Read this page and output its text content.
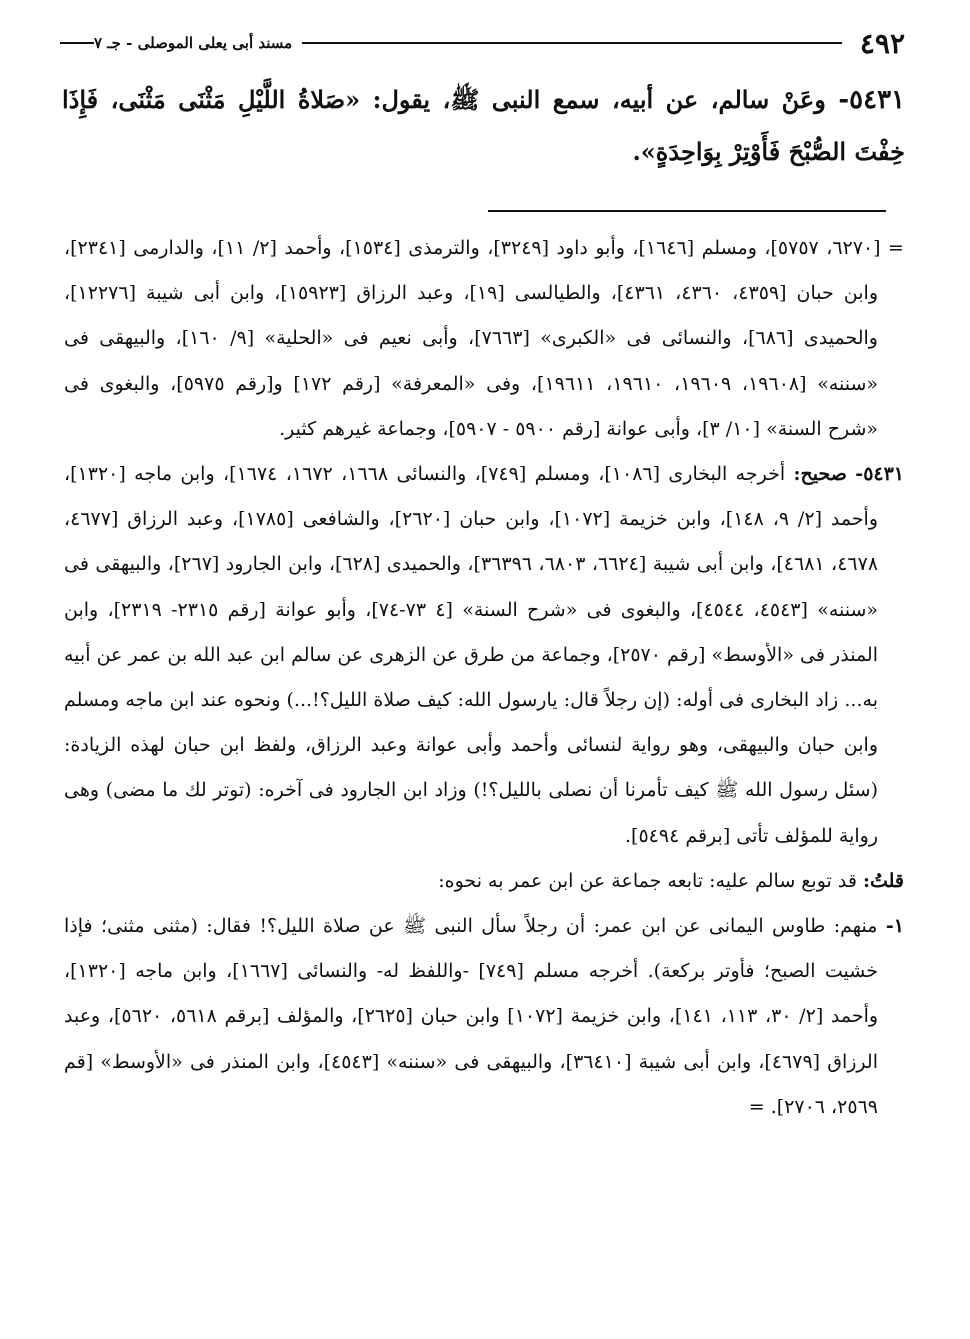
٤٩٢
مسند أبى يعلى الموصلى - جـ ٧
٥٤٣١- وعَنْ سالم، عن أبيه، سمع النبى ﷺ، يقول: «صَلاةُ اللَّيْلِ مَثْنَى مَثْنَى، فَإِذَا خِفْتَ الصُّبْحَ فَأَوْتِرْ بِوَاحِدَةٍ».

= [٦٢٧٠، ٥٧٥٧]، ومسلم [١٦٤٦]، وأبو داود [٣٢٤٩]، والترمذى [١٥٣٤]، وأحمد [٢/ ١١]، والدارمى [٢٣٤١]، وابن حبان [٤٣٥٩، ٤٣٦٠، ٤٣٦١]، والطيالسى [١٩]، وعبد الرزاق [١٥٩٢٣]، وابن أبى شيبة [١٢٢٧٦]، والحميدى [٦٨٦]، والنسائى فى «الكبرى» [٧٦٦٣]، وأبى نعيم فى «الحلية» [٩/ ١٦٠]، والبيهقى فى «سننه» [١٩٦٠٨، ١٩٦٠٩، ١٩٦١٠، ١٩٦١١]، وفى «المعرفة» [رقم ١٧٢] و[رقم ٥٩٧٥]، والبغوى فى «شرح السنة» [١٠/ ٣]، وأبى عوانة [رقم ٥٩٠٠ - ٥٩٠٧]، وجماعة غيرهم كثير.

٥٤٣١- صحيح: أخرجه البخارى [١٠٨٦]، ومسلم [٧٤٩]، والنسائى ١٦٦٨، ١٦٧٢، ١٦٧٤]، وابن ماجه [١٣٢٠]، وأحمد [٢/ ٩، ١٤٨]، وابن خزيمة [١٠٧٢]، وابن حبان [٢٦٢٠]، والشافعى [١٧٨٥]، وعبد الرزاق [٤٦٧٧، ٤٦٧٨، ٤٦٨١]، وابن أبى شيبة [٦٦٢٤، ٦٨٠٣، ٣٦٣٩٦]، والحميدى [٦٢٨]، وابن الجارود [٢٦٧]، والبيهقى فى «سننه» [٤٥٤٣، ٤٥٤٤]، والبغوى فى «شرح السنة» [٤ ٧٣-٧٤]، وأبو عوانة [رقم ٢٣١٥- ٢٣١٩]، وابن المنذر فى «الأوسط» [رقم ٢٥٧٠]، وجماعة من طرق عن الزهرى عن سالم ابن عبد الله بن عمر عن أبيه به... زاد البخارى فى أوله: (إن رجلاً قال: يارسول الله: كيف صلاة الليل؟!...) ونحوه عند ابن ماجه ومسلم وابن حبان والبيهقى، وهو رواية لنسائى وأحمد وأبى عوانة وعبد الرزاق، ولفظ ابن حبان لهذه الزيادة: (سئل رسول الله ﷺ كيف تأمرنا أن نصلى بالليل؟!) وزاد ابن الجارود فى آخره: (توتر لك ما مضى) وهى رواية للمؤلف تأتى [برقم ٥٤٩٤].

قلتُ: قد توبع سالم عليه: تابعه جماعة عن ابن عمر به نحوه:

١- منهم: طاوس اليمانى عن ابن عمر: أن رجلاً سأل النبى ﷺ عن صلاة الليل؟! فقال: (مثنى مثنى؛ فإذا خشيت الصبح؛ فأوتر بركعة). أخرجه مسلم [٧٤٩] -واللفظ له- والنسائى [١٦٦٧]، وابن ماجه [١٣٢٠]، وأحمد [٢/ ٣٠، ١١٣، ١٤١]، وابن خزيمة [١٠٧٢] وابن حبان [٢٦٢٥]، والمؤلف [برقم ٥٦١٨، ٥٦٢٠]، وعبد الرزاق [٤٦٧٩]، وابن أبى شيبة [٣٦٤١٠]، والبيهقى فى «سننه» [٤٥٤٣]، وابن المنذر فى «الأوسط» [قم ٢٥٦٩، ٢٧٠٦]. =
